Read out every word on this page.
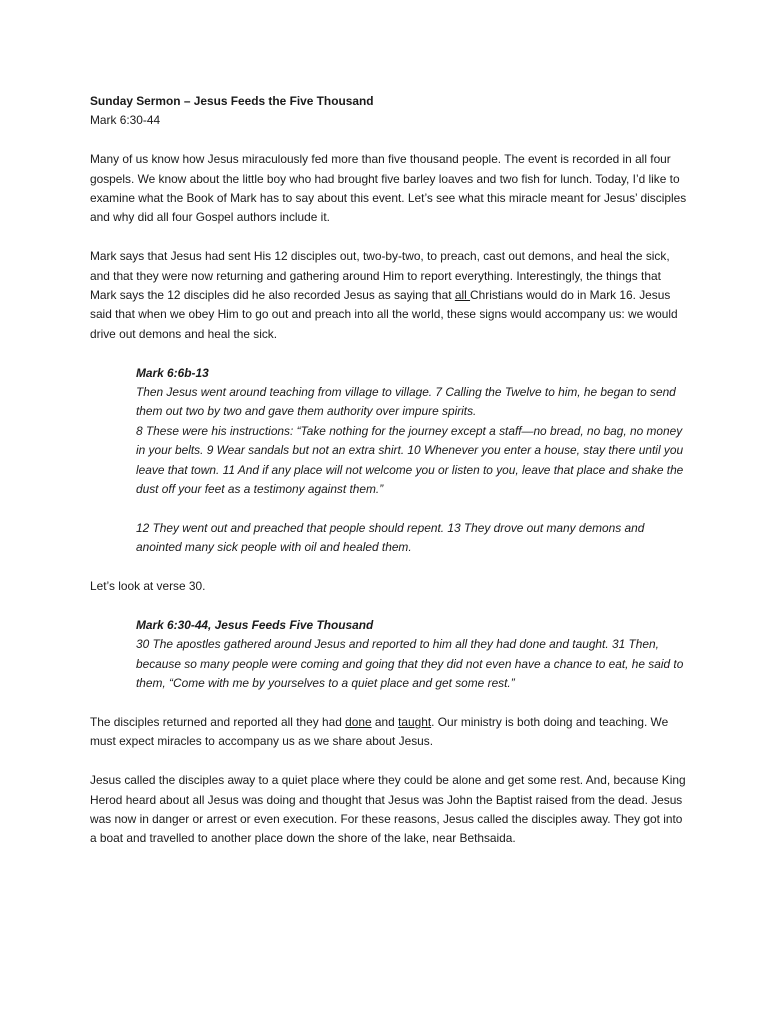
Sunday Sermon – Jesus Feeds the Five Thousand

Mark 6:30-44

Many of us know how Jesus miraculously fed more than five thousand people. The event is recorded in all four gospels. We know about the little boy who had brought five barley loaves and two fish for lunch. Today, I’d like to examine what the Book of Mark has to say about this event. Let’s see what this miracle meant for Jesus’ disciples and why did all four Gospel authors include it.

Mark says that Jesus had sent His 12 disciples out, two-by-two, to preach, cast out demons, and heal the sick, and that they were now returning and gathering around Him to report everything. Interestingly, the things that Mark says the 12 disciples did he also recorded Jesus as saying that all Christians would do in Mark 16. Jesus said that when we obey Him to go out and preach into all the world, these signs would accompany us: we would drive out demons and heal the sick.

Mark 6:6b-13

Then Jesus went around teaching from village to village. 7 Calling the Twelve to him, he began to send them out two by two and gave them authority over impure spirits.

8 These were his instructions: “Take nothing for the journey except a staff—no bread, no bag, no money in your belts. 9 Wear sandals but not an extra shirt. 10 Whenever you enter a house, stay there until you leave that town. 11 And if any place will not welcome you or listen to you, leave that place and shake the dust off your feet as a testimony against them.”

12 They went out and preached that people should repent. 13 They drove out many demons and anointed many sick people with oil and healed them.

Let’s look at verse 30.

Mark 6:30-44, Jesus Feeds Five Thousand

30 The apostles gathered around Jesus and reported to him all they had done and taught. 31 Then, because so many people were coming and going that they did not even have a chance to eat, he said to them, “Come with me by yourselves to a quiet place and get some rest.”

The disciples returned and reported all they had done and taught. Our ministry is both doing and teaching. We must expect miracles to accompany us as we share about Jesus.

Jesus called the disciples away to a quiet place where they could be alone and get some rest. And, because King Herod heard about all Jesus was doing and thought that Jesus was John the Baptist raised from the dead. Jesus was now in danger or arrest or even execution. For these reasons, Jesus called the disciples away. They got into a boat and travelled to another place down the shore of the lake, near Bethsaida.
